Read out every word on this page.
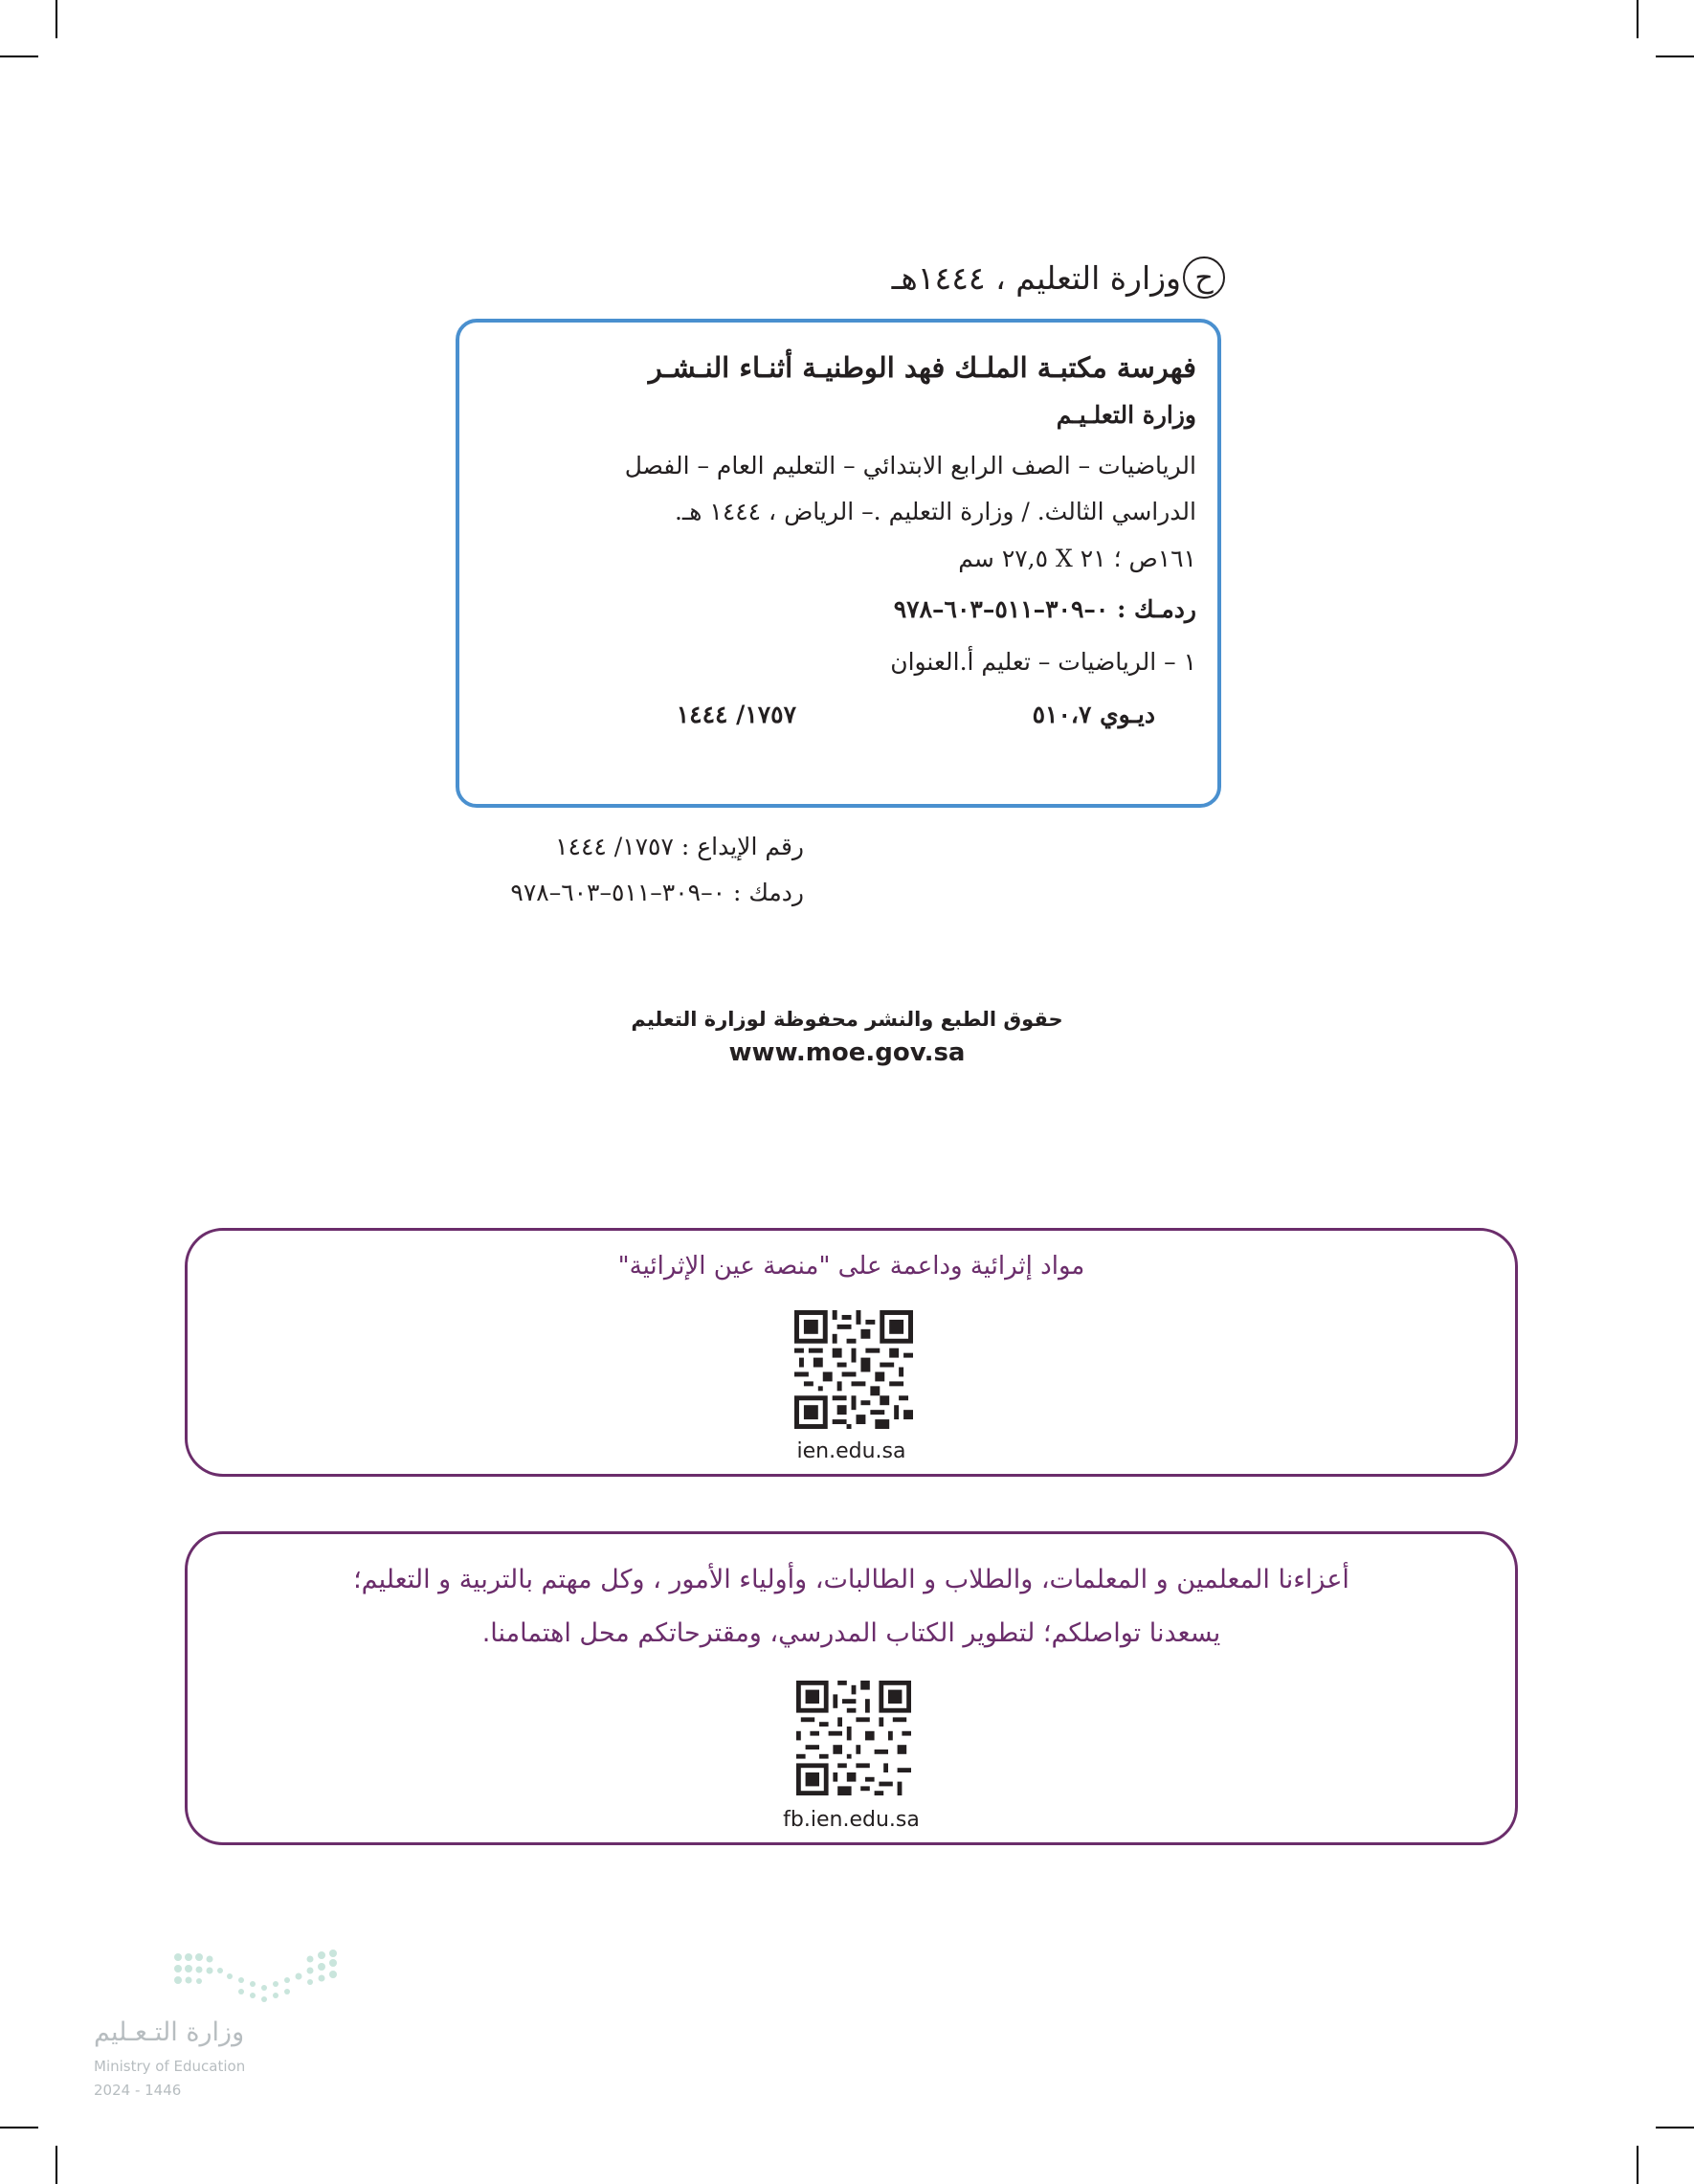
ح
وزارة التعليم ، ١٤٤٤هـ
فهرسة مكتبـة الملـك فهد الوطنيـة أثنـاء النـشـر
وزارة التعلـيـم
الرياضيات – الصف الرابع الابتدائي – التعليم العام – الفصل
الدراسي الثالث. / وزارة التعليم .– الرياض ، ١٤٤٤ هـ.
١٦١ص ؛ ٢١ X ٢٧,٥ سم
ردمـك : ٠–٣٠٩–٥١١–٦٠٣–٩٧٨
١ – الرياضيات – تعليم أ.العنوان
ديـوي ٥١٠،٧
١٧٥٧/ ١٤٤٤
رقم الإيداع : ١٧٥٧/ ١٤٤٤
ردمك : ٠–٣٠٩–٥١١–٦٠٣–٩٧٨
حقوق الطبع والنشر محفوظة لوزارة التعليم
www.moe.gov.sa
مواد إثرائية وداعمة على "منصة عين الإثرائية"
ien.edu.sa
أعزاءنا المعلمين و المعلمات، والطلاب و الطالبات، وأولياء الأمور ، وكل مهتم بالتربية و التعليم؛
يسعدنا تواصلكم؛ لتطوير الكتاب المدرسي، ومقترحاتكم محل اهتمامنا.
fb.ien.edu.sa
وزارة التـعـليم
Ministry of Education
2024 - 1446
